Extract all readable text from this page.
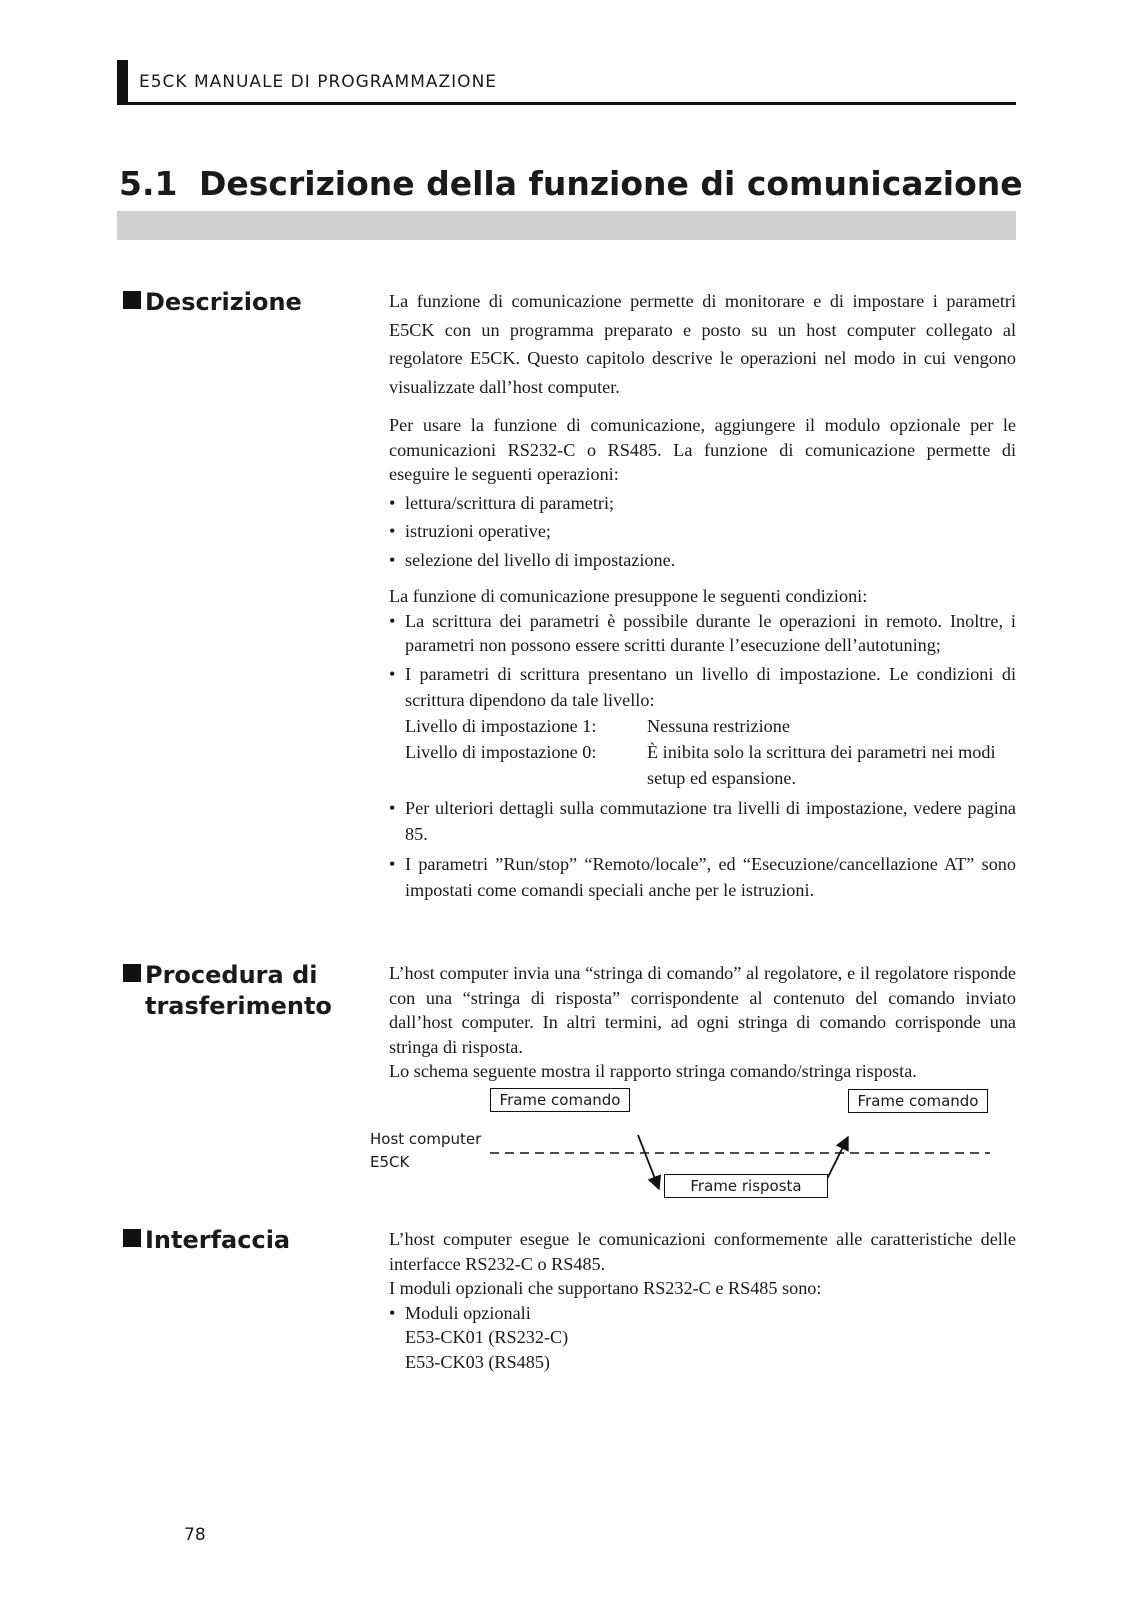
E5CK MANUALE DI PROGRAMMAZIONE
5.1 Descrizione della funzione di comunicazione
Descrizione	La funzione di comunicazione permette di monitorare e di impostare i parametri E5CK con un programma preparato e posto su un host computer collegato al regolatore E5CK. Questo capitolo descrive le operazioni nel modo in cui vengono visualizzate dall’host computer.

Per usare la funzione di comunicazione, aggiungere il modulo opzionale per le comunicazioni RS232-C o RS485. La funzione di comunicazione permette di eseguire le seguenti operazioni:

• lettura/scrittura di parametri;
• istruzioni operative;
• selezione del livello di impostazione.

La funzione di comunicazione presuppone le seguenti condizioni:

• La scrittura dei parametri è possibile durante le operazioni in remoto. Inoltre, i parametri non possono essere scritti durante l’esecuzione dell’autotuning;
• I parametri di scrittura presentano un livello di impostazione. Le condizioni di scrittura dipendono da tale livello:
Livello di impostazione 1:	Nessuna restrizione
Livello di impostazione 0:	È inibita solo la scrittura dei parametri nei modi setup ed espansione.
• Per ulteriori dettagli sulla commutazione tra livelli di impostazione, vedere pagina 85.
• I parametri ”Run/stop” “Remoto/locale”, ed “Esecuzione/cancellazione AT” sono impostati come comandi speciali anche per le istruzioni.
Procedura di
trasferimento

L’host computer invia una “stringa di comando” al regolatore, e il regolatore risponde con una “stringa di risposta” corrispondente al contenuto del comando inviato dall’host computer. In altri termini, ad ogni stringa di comando corrisponde una stringa di risposta.

Lo schema seguente mostra il rapporto stringa comando/stringa risposta.

Frame comando	Frame comando
Frame risposta
Host computer
E5CK
Interfaccia	L’host computer esegue le comunicazioni conformemente alle caratteristiche delle interfacce RS232-C o RS485.

I moduli opzionali che supportano RS232-C e RS485 sono:

• Moduli opzionali
E53-CK01 (RS232-C)
E53-CK03 (RS485)
78
